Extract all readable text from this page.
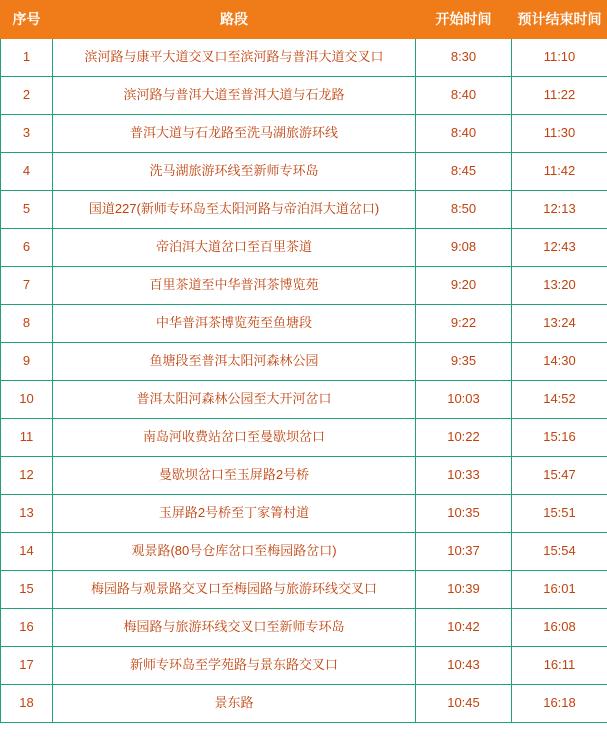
序号	路段	开始时间	预计结束时间
1	滨河路与康平大道交叉口至滨河路与普洱大道交叉口	8:30	11:10
2	滨河路与普洱大道至普洱大道与石龙路	8:40	11:22
3	普洱大道与石龙路至洗马湖旅游环线	8:40	11:30
4	洗马湖旅游环线至新师专环岛	8:45	11:42
5	国道227(新师专环岛至太阳河路与帝泊洱大道岔口)	8:50	12:13
6	帝泊洱大道岔口至百里茶道	9:08	12:43
7	百里茶道至中华普洱茶博览苑	9:20	13:20
8	中华普洱茶博览苑至鱼塘段	9:22	13:24
9	鱼塘段至普洱太阳河森林公园	9:35	14:30
10	普洱太阳河森林公园至大开河岔口	10:03	14:52
11	南岛河收费站岔口至曼歇坝岔口	10:22	15:16
12	曼歇坝岔口至玉屏路2号桥	10:33	15:47
13	玉屏路2号桥至丁家箐村道	10:35	15:51
14	观景路(80号仓库岔口至梅园路岔口)	10:37	15:54
15	梅园路与观景路交叉口至梅园路与旅游环线交叉口	10:39	16:01
16	梅园路与旅游环线交叉口至新师专环岛	10:42	16:08
17	新师专环岛至学苑路与景东路交叉口	10:43	16:11
18	景东路	10:45	16:18
